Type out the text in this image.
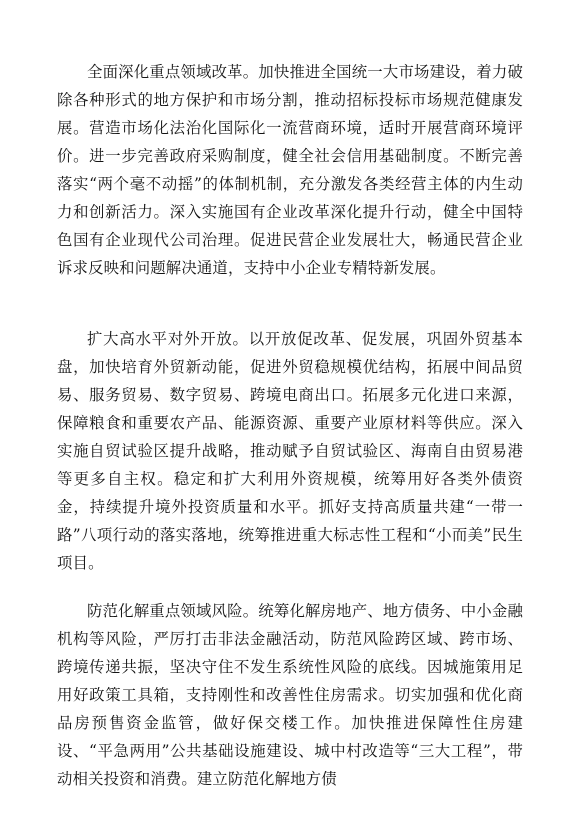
全面深化重点领域改革。加快推进全国统一大市场建设，着力破除各种形式的地方保护和市场分割，推动招标投标市场规范健康发展。营造市场化法治化国际化一流营商环境，适时开展营商环境评价。进一步完善政府采购制度，健全社会信用基础制度。不断完善落实“两个毫不动摇”的体制机制，充分激发各类经营主体的内生动力和创新活力。深入实施国有企业改革深化提升行动，健全中国特色国有企业现代公司治理。促进民营企业发展壮大，畅通民营企业诉求反映和问题解决通道，支持中小企业专精特新发展。

扩大高水平对外开放。以开放促改革、促发展，巩固外贸基本盘，加快培育外贸新动能，促进外贸稳规模优结构，拓展中间品贸易、服务贸易、数字贸易、跨境电商出口。拓展多元化进口来源，保障粮食和重要农产品、能源资源、重要产业原材料等供应。深入实施自贸试验区提升战略，推动赋予自贸试验区、海南自由贸易港等更多自主权。稳定和扩大利用外资规模，统筹用好各类外债资金，持续提升境外投资质量和水平。抓好支持高质量共建“一带一路”八项行动的落实落地，统筹推进重大标志性工程和“小而美”民生项目。

防范化解重点领域风险。统筹化解房地产、地方债务、中小金融机构等风险，严厉打击非法金融活动，防范风险跨区域、跨市场、跨境传递共振，坚决守住不发生系统性风险的底线。因城施策用足用好政策工具箱，支持刚性和改善性住房需求。切实加强和优化商品房预售资金监管，做好保交楼工作。加快推进保障性住房建设、“平急两用”公共基础设施建设、城中村改造等“三大工程”，带动相关投资和消费。建立防范化解地方债
